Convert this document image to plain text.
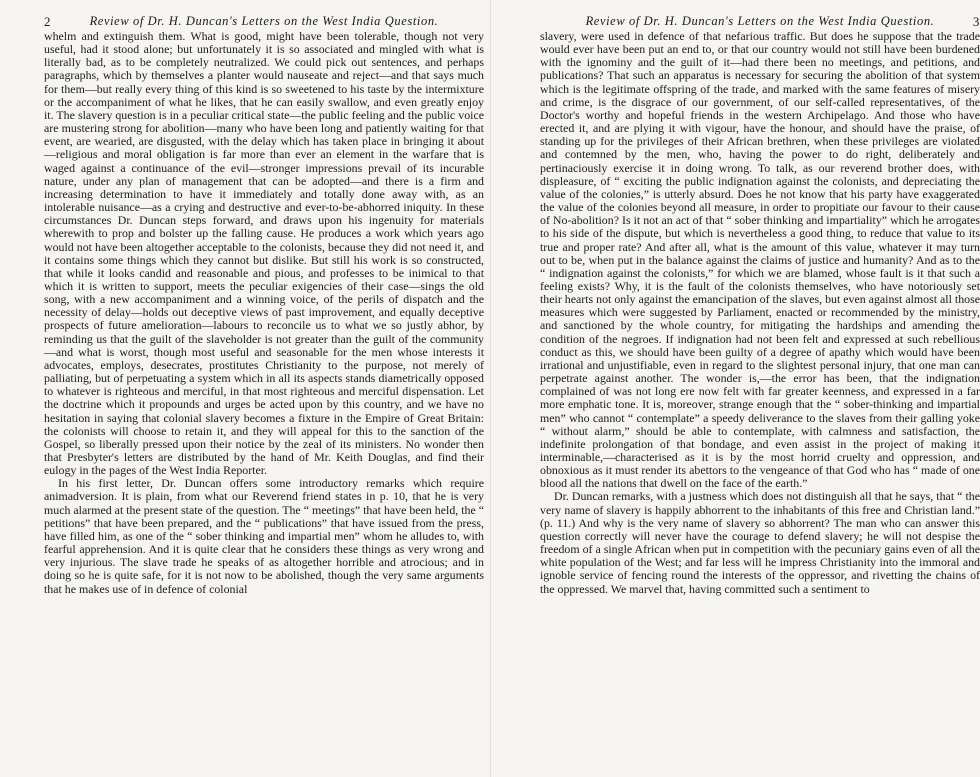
2	Review of Dr. H. Duncan's Letters on the West India Question.

whelm and extinguish them. What is good, might have been tolerable, though not very useful, had it stood alone; but unfortunately it is so associated and mingled with what is literally bad, as to be completely neutralized. We could pick out sentences, and perhaps paragraphs, which by themselves a planter would nauseate and reject—and that says much for them—but really every thing of this kind is so sweetened to his taste by the intermixture or the accompaniment of what he likes, that he can easily swallow, and even greatly enjoy it. The slavery question is in a peculiar critical state—the public feeling and the public voice are mustering strong for abolition—many who have been long and patiently waiting for that event, are wearied, are disgusted, with the delay which has taken place in bringing it about—religious and moral obligation is far more than ever an element in the warfare that is waged against a continuance of the evil—stronger impressions prevail of its incurable nature, under any plan of management that can be adopted—and there is a firm and increasing determination to have it immediately and totally done away with, as an intolerable nuisance—as a crying and destructive and ever-to-be-abhorred iniquity. In these circumstances Dr. Duncan steps forward, and draws upon his ingenuity for materials wherewith to prop and bolster up the falling cause. He produces a work which years ago would not have been altogether acceptable to the colonists, because they did not need it, and it contains some things which they cannot but dislike. But still his work is so constructed, that while it looks candid and reasonable and pious, and professes to be inimical to that which it is written to support, meets the peculiar exigencies of their case—sings the old song, with a new accompaniment and a winning voice, of the perils of dispatch and the necessity of delay—holds out deceptive views of past improvement, and equally deceptive prospects of future amelioration—labours to reconcile us to what we so justly abhor, by reminding us that the guilt of the slaveholder is not greater than the guilt of the community—and what is worst, though most useful and seasonable for the men whose interests it advocates, employs, desecrates, prostitutes Christianity to the purpose, not merely of palliating, but of perpetuating a system which in all its aspects stands diametrically opposed to whatever is righteous and merciful, in that most righteous and merciful dispensation. Let the doctrine which it propounds and urges be acted upon by this country, and we have no hesitation in saying that colonial slavery becomes a fixture in the Empire of Great Britain: the colonists will choose to retain it, and they will appeal for this to the sanction of the Gospel, so liberally pressed upon their notice by the zeal of its ministers. No wonder then that Presbyter's letters are distributed by the hand of Mr. Keith Douglas, and find their eulogy in the pages of the West India Reporter.

In his first letter, Dr. Duncan offers some introductory remarks which require animadversion. It is plain, from what our Reverend friend states in p. 10, that he is very much alarmed at the present state of the question. The “ meetings” that have been held, the “ petitions” that have been prepared, and the “ publications” that have issued from the press, have filled him, as one of the “ sober thinking and impartial men” whom he alludes to, with fearful apprehension. And it is quite clear that he considers these things as very wrong and very injurious. The slave trade he speaks of as altogether horrible and atrocious; and in doing so he is quite safe, for it is not now to be abolished, though the very same arguments that he makes use of in defence of colonial

Review of Dr. H. Duncan's Letters on the West India Question.	3

slavery, were used in defence of that nefarious traffic. But does he suppose that the trade would ever have been put an end to, or that our country would not still have been burdened with the ignominy and the guilt of it—had there been no meetings, and petitions, and publications? That such an apparatus is necessary for securing the abolition of that system which is the legitimate offspring of the trade, and marked with the same features of misery and crime, is the disgrace of our government, of our self-called representatives, of the Doctor's worthy and hopeful friends in the western Archipelago. And those who have erected it, and are plying it with vigour, have the honour, and should have the praise, of standing up for the privileges of their African brethren, when these privileges are violated and contemned by the men, who, having the power to do right, deliberately and pertinaciously exercise it in doing wrong. To talk, as our reverend brother does, with displeasure, of “ exciting the public indignation against the colonists, and depreciating the value of the colonies,” is utterly absurd. Does he not know that his party have exaggerated the value of the colonies beyond all measure, in order to propitiate our favour to their cause of No-abolition? Is it not an act of that “ sober thinking and impartiality” which he arrogates to his side of the dispute, but which is nevertheless a good thing, to reduce that value to its true and proper rate? And after all, what is the amount of this value, whatever it may turn out to be, when put in the balance against the claims of justice and humanity? And as to the “ indignation against the colonists,” for which we are blamed, whose fault is it that such a feeling exists? Why, it is the fault of the colonists themselves, who have notoriously set their hearts not only against the emancipation of the slaves, but even against almost all those measures which were suggested by Parliament, enacted or recommended by the ministry, and sanctioned by the whole country, for mitigating the hardships and amending the condition of the negroes. If indignation had not been felt and expressed at such rebellious conduct as this, we should have been guilty of a degree of apathy which would have been irrational and unjustifiable, even in regard to the slightest personal injury, that one man can perpetrate against another. The wonder is,—the error has been, that the indignation complained of was not long ere now felt with far greater keenness, and expressed in a far more emphatic tone. It is, moreover, strange enough that the “ sober-thinking and impartial men” who cannot “ contemplate” a speedy deliverance to the slaves from their galling yoke “ without alarm,” should be able to contemplate, with calmness and satisfaction, the indefinite prolongation of that bondage, and even assist in the project of making it interminable,—characterised as it is by the most horrid cruelty and oppression, and obnoxious as it must render its abettors to the vengeance of that God who has “ made of one blood all the nations that dwell on the face of the earth.”

Dr. Duncan remarks, with a justness which does not distinguish all that he says, that “ the very name of slavery is happily abhorrent to the inhabitants of this free and Christian land.” (p. 11.) And why is the very name of slavery so abhorrent? The man who can answer this question correctly will never have the courage to defend slavery; he will not despise the freedom of a single African when put in competition with the pecuniary gains even of all the white population of the West; and far less will he impress Christianity into the immoral and ignoble service of fencing round the interests of the oppressor, and rivetting the chains of the oppressed. We marvel that, having committed such a sentiment to
